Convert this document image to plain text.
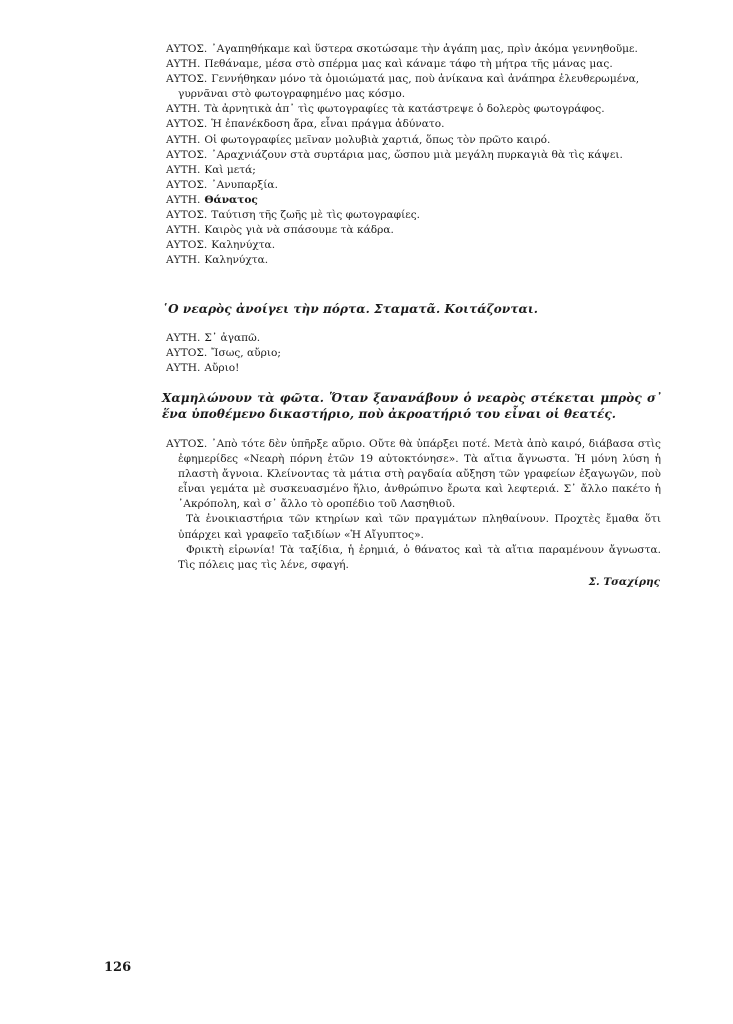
ΑΥΤΟΣ. ᾿Αγαπηθήκαμε καὶ ὕστερα σκοτώσαμε τὴν ἀγάπη μας, πρὶν ἀκόμα γεννηθοῦμε.

ΑΥΤΗ. Πεθάναμε, μέσα στὸ σπέρμα μας καὶ κάναμε τάφο τὴ μήτρα τῆς μάνας μας.

ΑΥΤΟΣ. Γεννήθηκαν μόνο τὰ ὁμοιώματά μας, ποὺ ἀνίκανα καὶ ἀνάπηρα ἐλευθερωμένα, γυρνᾶναι στὸ φωτογραφημένο μας κόσμο.

ΑΥΤΗ. Τὰ ἀρνητικὰ ἀπ᾿ τὶς φωτογραφίες τὰ κατάστρεψε ὁ δολερὸς φωτογράφος.

ΑΥΤΟΣ. Ἡ ἐπανέκδοση ἄρα, εἶναι πράγμα ἀδύνατο.

ΑΥΤΗ. Οἱ φωτογραφίες μεῖναν μολυβιὰ χαρτιά, ὅπως τὸν πρῶτο καιρό.

ΑΥΤΟΣ. ᾿Αραχνιάζουν στὰ συρτάρια μας, ὥσπου μιὰ μεγάλη πυρκαγιὰ θὰ τὶς κάψει.

ΑΥΤΗ. Καὶ μετά;

ΑΥΤΟΣ. ᾿Ανυπαρξία.

ΑΥΤΗ. Θάνατος

ΑΥΤΟΣ. Ταύτιση τῆς ζωῆς μὲ τὶς φωτογραφίες.

ΑΥΤΗ. Καιρὸς γιὰ νὰ σπάσουμε τὰ κάδρα.

ΑΥΤΟΣ. Καληνύχτα.

ΑΥΤΗ. Καληνύχτα.

῾Ο νεαρὸς ἀνοίγει τὴν πόρτα. Σταματᾶ. Κοιτάζονται.

ΑΥΤΗ. Σ᾿ ἀγαπῶ.

ΑΥΤΟΣ. Ἴσως, αὔριο;

ΑΥΤΗ. Αὔριο!

Χαμηλώνουν τὰ φῶτα. Ὅταν ξανανάβουν ὁ νεαρὸς στέκεται μπρὸς σ᾿ ἕνα ὑποθέμενο δικαστήριο, ποὺ ἀκροατήριό του εἶναι οἱ θεατές.

ΑΥΤΟΣ. ᾿Απὸ τότε δὲν ὑπῆρξε αὔριο. Οὔτε θὰ ὑπάρξει ποτέ. Μετὰ ἀπὸ καιρό, διάβασα στὶς ἐφημερίδες «Νεαρὴ πόρνη ἐτῶν 19 αὐτοκτόνησε». Τὰ αἴτια ἄγνωστα. Ἡ μόνη λύση ἡ πλαστὴ ἄγνοια. Κλείνοντας τὰ μάτια στὴ ραγδαία αὔξηση τῶν γραφείων ἐξαγωγῶν, ποὺ εἶναι γεμάτα μὲ συσκευασμένο ἥλιο, ἀνθρώπινο ἔρωτα καὶ λεφτεριά. Σ᾿ ἄλλο πακέτο ἡ ᾿Ακρόπολη, καὶ σ᾿ ἄλλο τὸ οροπέδιο τοῦ Λασηθιοῦ.

Τὰ ἐνοικιαστήρια τῶν κτηρίων καὶ τῶν πραγμάτων πληθαίνουν. Προχτὲς ἔμαθα ὅτι ὑπάρχει καὶ γραφεῖο ταξιδίων «Ἡ Αἴγυπτος».

Φρικτὴ εἰρωνία! Τὰ ταξίδια, ἡ ἐρημιά, ὁ θάνατος καὶ τὰ αἴτια παραμένουν ἄγνωστα. Τὶς πόλεις μας τὶς λένε, σφαγή.

Σ. Τσαχίρης
126
